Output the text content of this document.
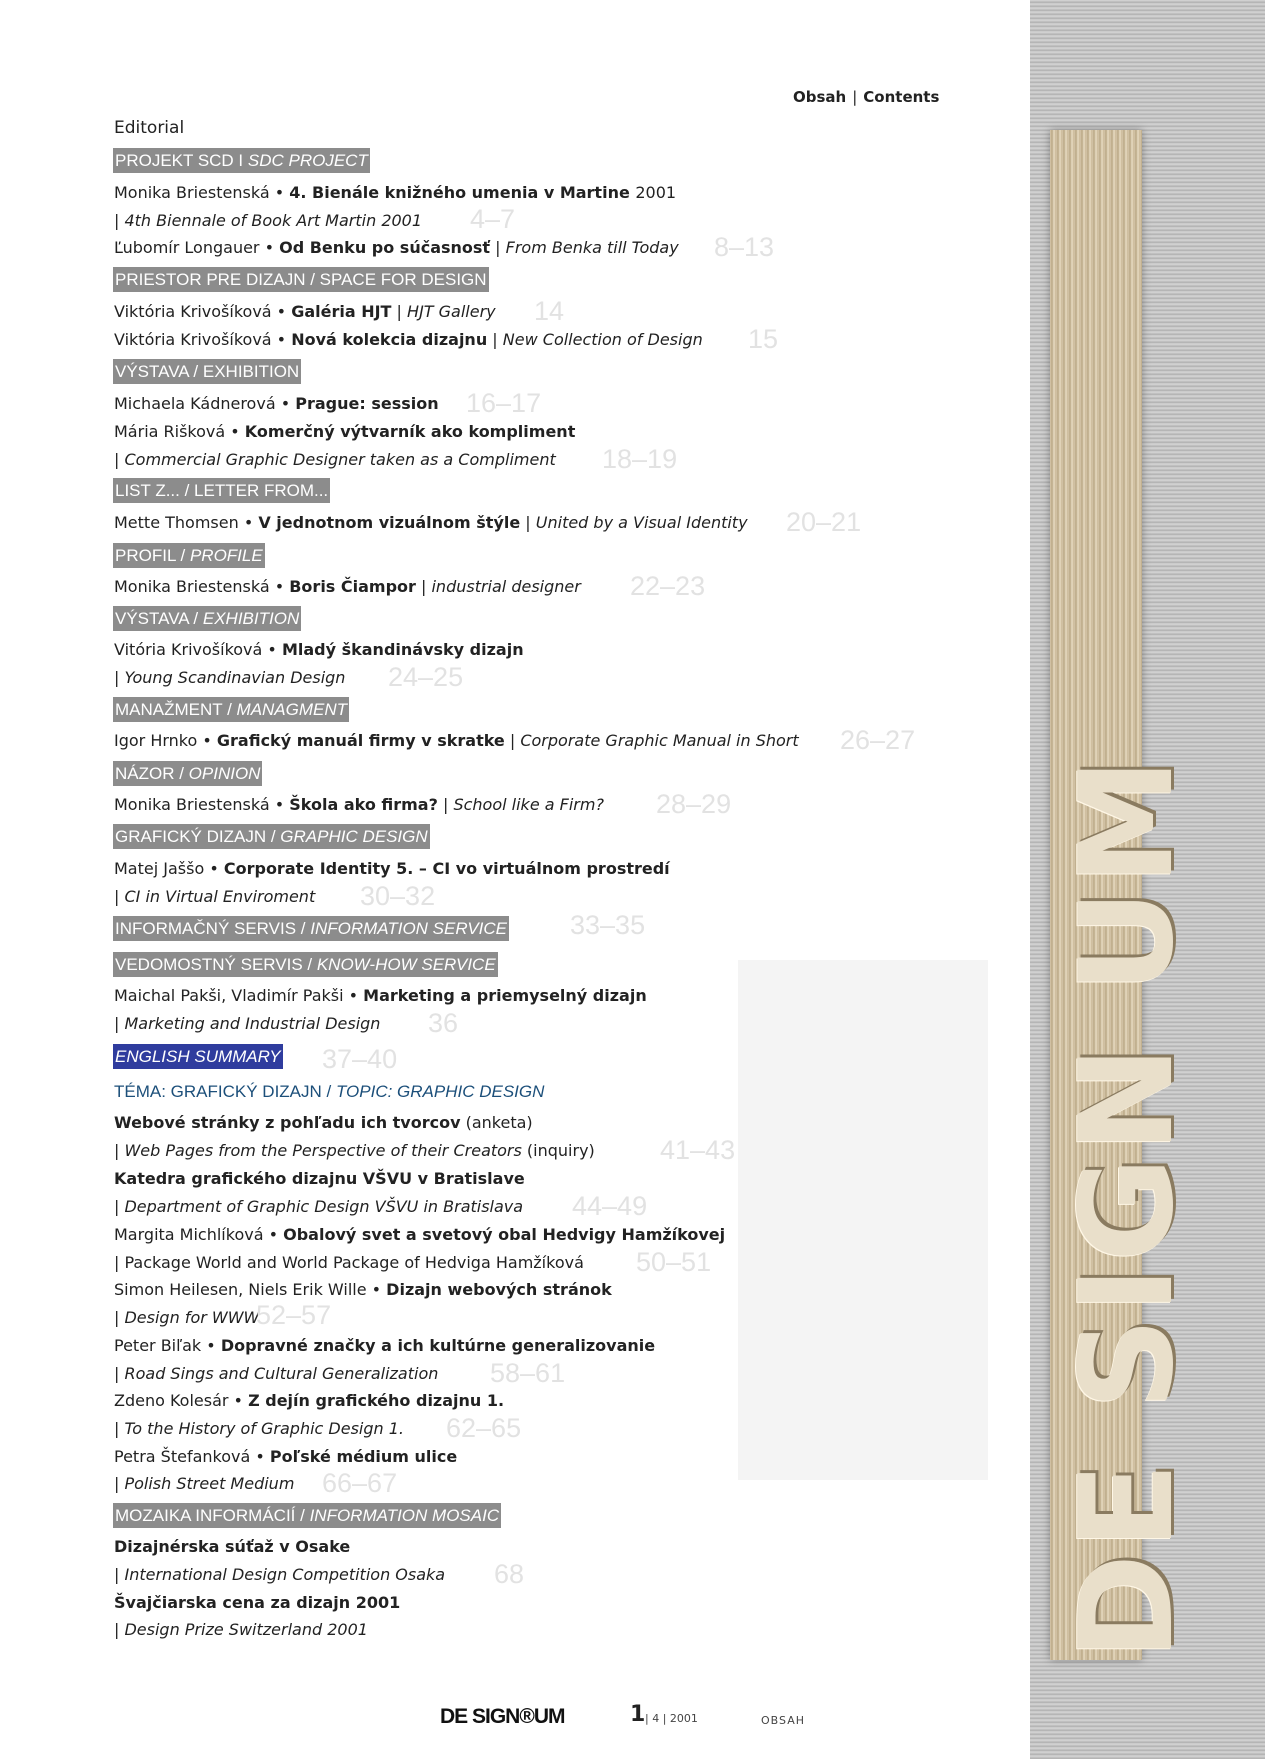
DE SIGN UM
Obsah | Contents
Editorial
PROJEKT SCD I SDC PROJECT
PRIESTOR PRE DIZAJN / SPACE FOR DESIGN
VÝSTAVA / EXHIBITION
LIST Z... / LETTER FROM...
PROFIL / PROFILE
VÝSTAVA / EXHIBITION
MANAŽMENT / MANAGMENT
NÁZOR / OPINION
GRAFICKÝ DIZAJN / GRAPHIC DESIGN
INFORMAČNÝ SERVIS / INFORMATION SERVICE
VEDOMOSTNÝ SERVIS / KNOW-HOW SERVICE
ENGLISH SUMMARY
MOZAIKA INFORMÁCIÍ / INFORMATION MOSAIC
TÉMA: GRAFICKÝ DIZAJN / TOPIC: GRAPHIC DESIGN
Monika Briestenská • 4. Bienále knižného umenia v Martine 2001
| 4th Biennale of Book Art Martin 2001
Ľubomír Longauer • Od Benku po súčasnosť | From Benka till Today
Viktória Krivošíková • Galéria HJT | HJT Gallery
Viktória Krivošíková • Nová kolekcia dizajnu | New Collection of Design
Michaela Kádnerová • Prague: session
Mária Rišková • Komerčný výtvarník ako kompliment
| Commercial Graphic Designer taken as a Compliment
Mette Thomsen • V jednotnom vizuálnom štýle | United by a Visual Identity
Monika Briestenská • Boris Čiampor | industrial designer
Vitória Krivošíková • Mladý škandinávsky dizajn
| Young Scandinavian Design
Igor Hrnko • Grafický manuál firmy v skratke | Corporate Graphic Manual in Short
Monika Briestenská • Škola ako firma? | School like a Firm?
Matej Jaššo • Corporate Identity 5. – CI vo virtuálnom prostredí
| CI in Virtual Enviroment
Maichal Pakši, Vladimír Pakši • Marketing a priemyselný dizajn
| Marketing and Industrial Design
Webové stránky z pohľadu ich tvorcov (anketa)
| Web Pages from the Perspective of their Creators (inquiry)
Katedra grafického dizajnu VŠVU v Bratislave
| Department of Graphic Design VŠVU in Bratislava
Margita Michlíková • Obalový svet a svetový obal Hedvigy Hamžíkovej
| Package World and World Package of Hedviga Hamžíková
Simon Heilesen, Niels Erik Wille • Dizajn webových stránok
| Design for WWW
Peter Biľak • Dopravné značky a ich kultúrne generalizovanie
| Road Sings and Cultural Generalization
Zdeno Kolesár • Z dejín grafického dizajnu 1.
| To the History of Graphic Design 1.
Petra Štefanková • Poľské médium ulice
| Polish Street Medium
Dizajnérska súťaž v Osake
| International Design Competition Osaka
Švajčiarska cena za dizajn 2001
| Design Prize Switzerland 2001
4–7
8–13
14
15
16–17
18–19
20–21
22–23
24–25
26–27
28–29
30–32
33–35
36
37–40
41–43
44–49
50–51
52–57
58–61
62–65
66–67
68
DE SIGN®UM	1 | 4 | 2001	OBSAH
